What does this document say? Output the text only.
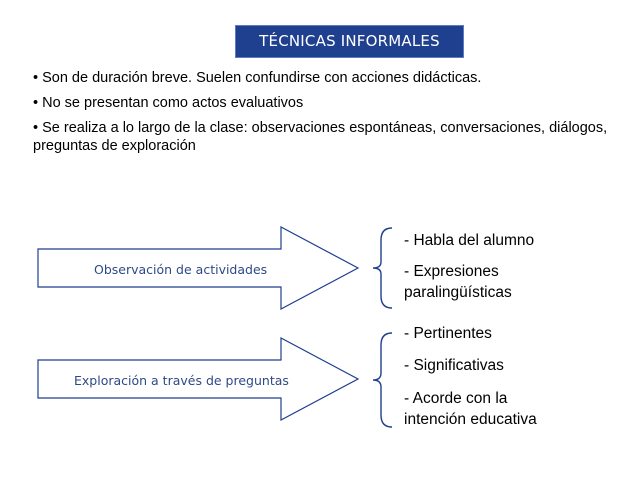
TÉCNICAS INFORMALES
• Son de duración breve. Suelen confundirse con acciones didácticas.
• No se presentan como actos evaluativos
• Se realiza a lo largo de la clase: observaciones espontáneas, conversaciones, diálogos, preguntas de exploración
Observación de actividades
Exploración a través de preguntas
- Habla del alumno
- Expresiones
paralingüísticas
- Pertinentes
- Significativas
- Acorde con la
intención educativa
